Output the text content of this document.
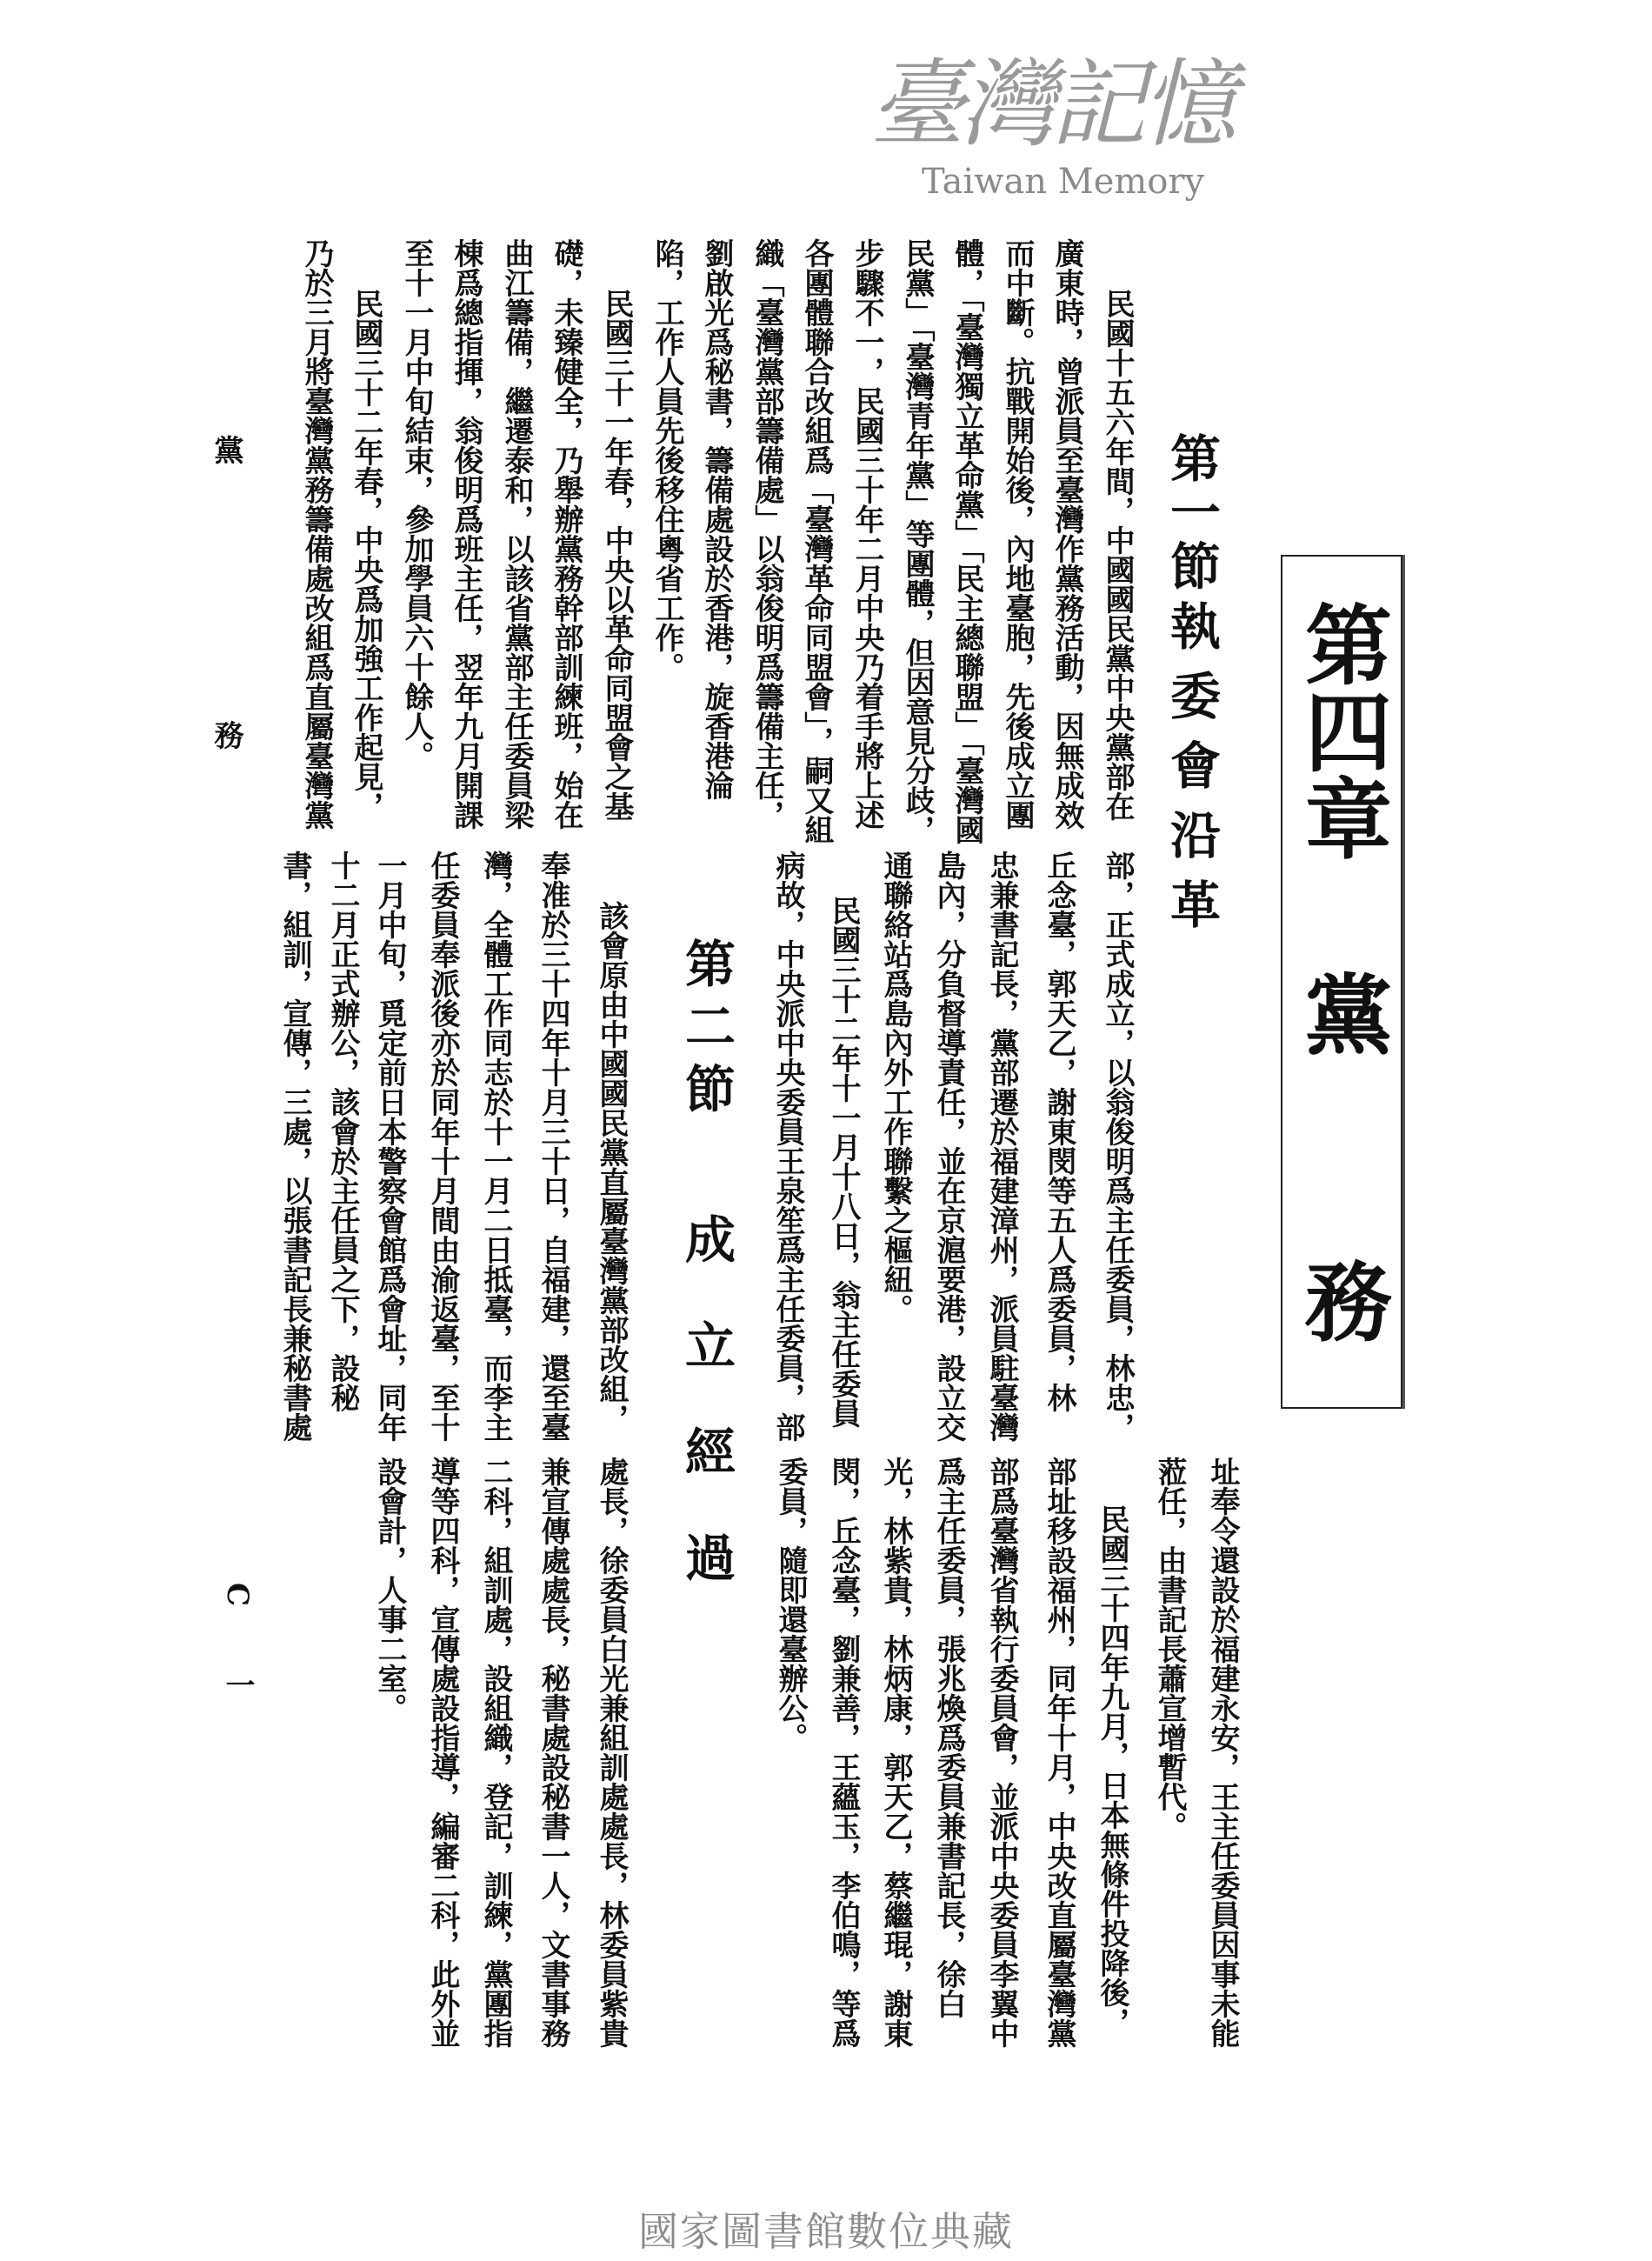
第四章
黨
務
第一節
執委會沿革
第二節
成立經過
民國十五六年間，中國國民黨中央黨部在
廣東時，曾派員至臺灣作黨務活動，因無成效
而中斷。抗戰開始後，內地臺胞，先後成立團
體，「臺灣獨立革命黨」「民主總聯盟」「臺灣國
民黨」「臺灣青年黨」等團體，但因意見分歧，
步驟不一，民國三十年二月中央乃着手將上述
各團體聯合改組爲「臺灣革命同盟會」，嗣又組
織「臺灣黨部籌備處」以翁俊明爲籌備主任，
劉啟光爲秘書，籌備處設於香港，旋香港淪
陷，工作人員先後移住粵省工作。
民國三十一年春，中央以革命同盟會之基
礎，未臻健全，乃舉辦黨務幹部訓練班，始在
曲江籌備，繼遷泰和，以該省黨部主任委員梁
棟爲總指揮，翁俊明爲班主任，翌年九月開課
至十一月中旬結束，參加學員六十餘人。
民國三十二年春，中央爲加強工作起見，
乃於三月將臺灣黨務籌備處改組爲直屬臺灣黨
部，正式成立，以翁俊明爲主任委員，林忠，
丘念臺，郭天乙，謝東閔等五人爲委員，林
忠兼書記長，黨部遷於福建漳州，派員駐臺灣
島內，分負督導責任，並在京滬要港，設立交
通聯絡站爲島內外工作聯繫之樞紐。
民國三十二年十一月十八日，翁主任委員
病故，中央派中央委員王泉笙爲主任委員，部
該會原由中國國民黨直屬臺灣黨部改組，
奉准於三十四年十月三十日，自福建，還至臺
灣，全體工作同志於十一月二日抵臺，而李主
任委員奉派後亦於同年十月間由渝返臺，至十
一月中旬，覓定前日本警察會館爲會址，同年
十二月正式辦公，該會於主任員之下，設秘
書，組訓，宣傳，三處，以張書記長兼秘書處
址奉令還設於福建永安，王主任委員因事未能
蒞任，由書記長蕭宣增暫代。
民國三十四年九月，日本無條件投降後，
部址移設福州，同年十月，中央改直屬臺灣黨
部爲臺灣省執行委員會，並派中央委員李翼中
爲主任委員，張兆煥爲委員兼書記長，徐白
光，林紫貴，林炳康，郭天乙，蔡繼琨，謝東
閔，丘念臺，劉兼善，王蘊玉，李伯鳴，等爲
委員，隨即還臺辦公。
處長，徐委員白光兼組訓處處長，林委員紫貴
兼宣傳處處長，秘書處設秘書一人，文書事務
二科，組訓處，設組織，登記，訓練，黨團指
導等四科，宣傳處設指導，編審二科，此外並
設會計，人事二室。
黨　務
C
一
臺灣記憶
Taiwan Memory
國家圖書館數位典藏
